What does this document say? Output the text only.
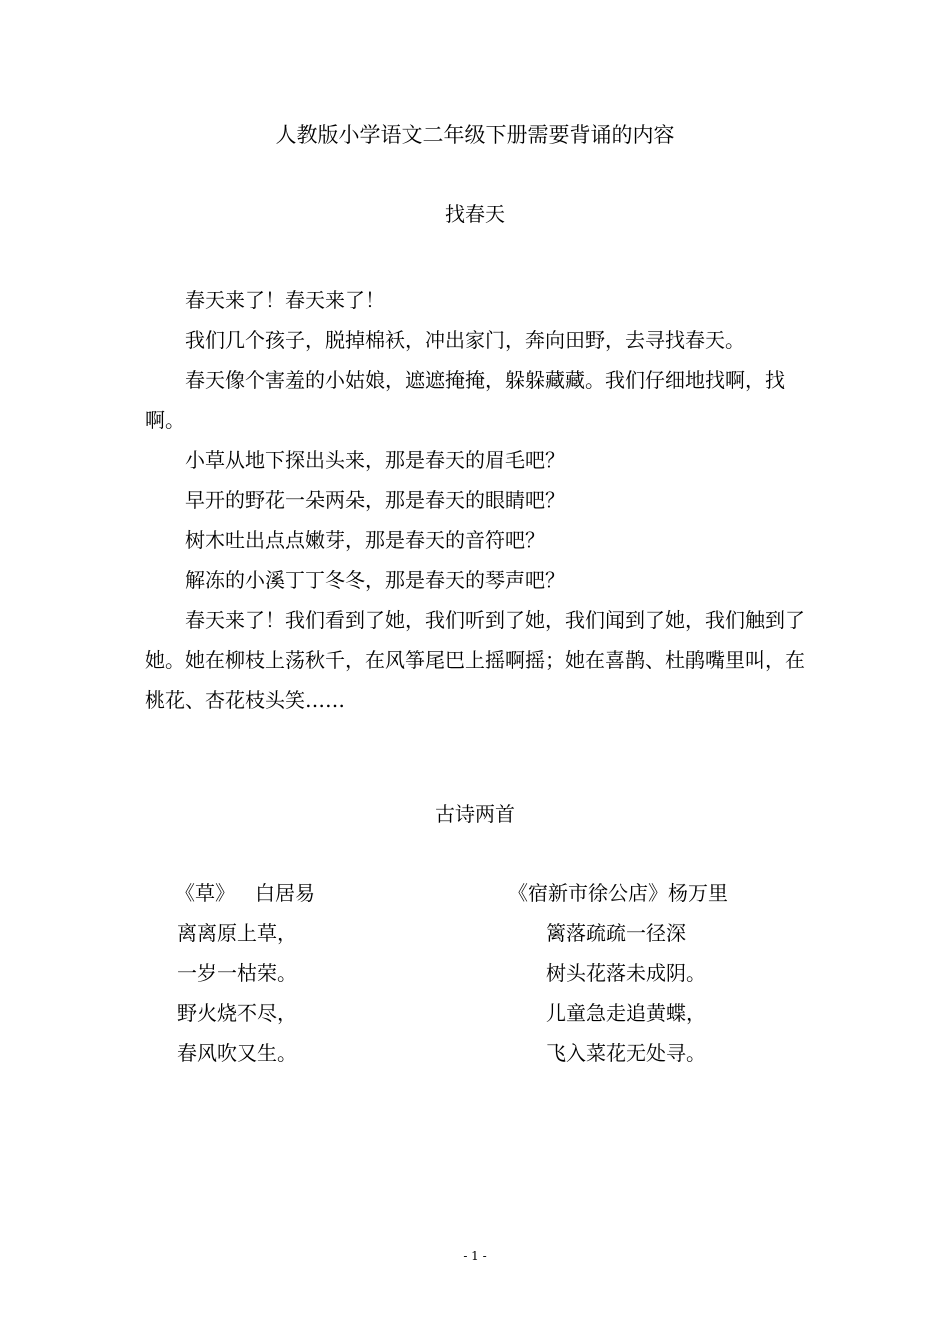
人教版小学语文二年级下册需要背诵的内容
找春天

春天来了！春天来了！

我们几个孩子，脱掉棉袄，冲出家门，奔向田野，去寻找春天。

春天像个害羞的小姑娘，遮遮掩掩，躲躲藏藏。我们仔细地找啊，找啊。

小草从地下探出头来，那是春天的眉毛吧？

早开的野花一朵两朵，那是春天的眼睛吧？

树木吐出点点嫩芽，那是春天的音符吧？

解冻的小溪丁丁冬冬，那是春天的琴声吧？

春天来了！我们看到了她，我们听到了她，我们闻到了她，我们触到了她。她在柳枝上荡秋千，在风筝尾巴上摇啊摇；她在喜鹊、杜鹃嘴里叫，在桃花、杏花枝头笑……

古诗两首
《草》 白居易
离离原上草，
一岁一枯荣。
野火烧不尽，
春风吹又生。
《宿新市徐公店》杨万里
篱落疏疏一径深
树头花落未成阴。
儿童急走追黄蝶，
飞入菜花无处寻。
- 1 -
